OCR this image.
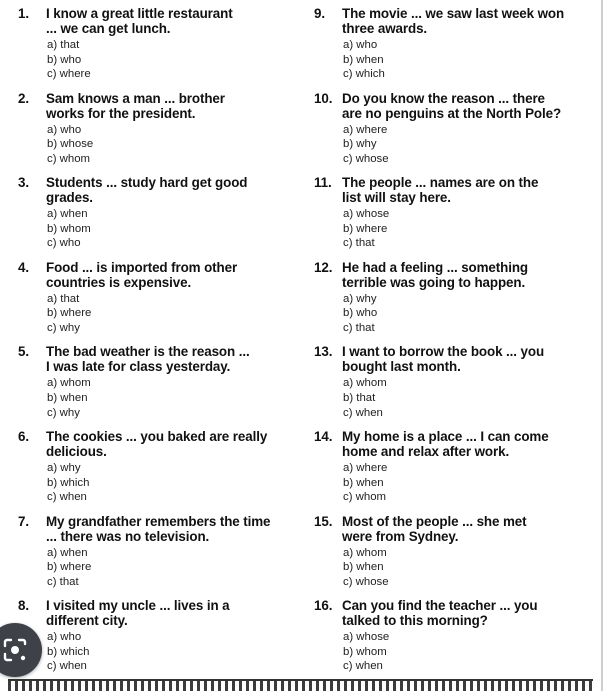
1. I know a great little restaurant
... we can get lunch.
a) that
b) who
c) where
2. Sam knows a man ... brother
works for the president.
a) who
b) whose
c) whom
3. Students ... study hard get good
grades.
a) when
b) whom
c) who
4. Food ... is imported from other
countries is expensive.
a) that
b) where
c) why
5. The bad weather is the reason ...
I was late for class yesterday.
a) whom
b) when
c) why
6. The cookies ... you baked are really
delicious.
a) why
b) which
c) when
7. My grandfather remembers the time
... there was no television.
a) when
b) where
c) that
8. I visited my uncle ... lives in a
different city.
a) who
b) which
c) when
9. The movie ... we saw last week won
three awards.
a) who
b) when
c) which
10. Do you know the reason ... there
are no penguins at the North Pole?
a) where
b) why
c) whose
11. The people ... names are on the
list will stay here.
a) whose
b) where
c) that
12. He had a feeling ... something
terrible was going to happen.
a) why
b) who
c) that
13. I want to borrow the book ... you
bought last month.
a) whom
b) that
c) when
14. My home is a place ... I can come
home and relax after work.
a) where
b) when
c) whom
15. Most of the people ... she met
were from Sydney.
a) whom
b) when
c) whose
16. Can you find the teacher ... you
talked to this morning?
a) whose
b) whom
c) when
